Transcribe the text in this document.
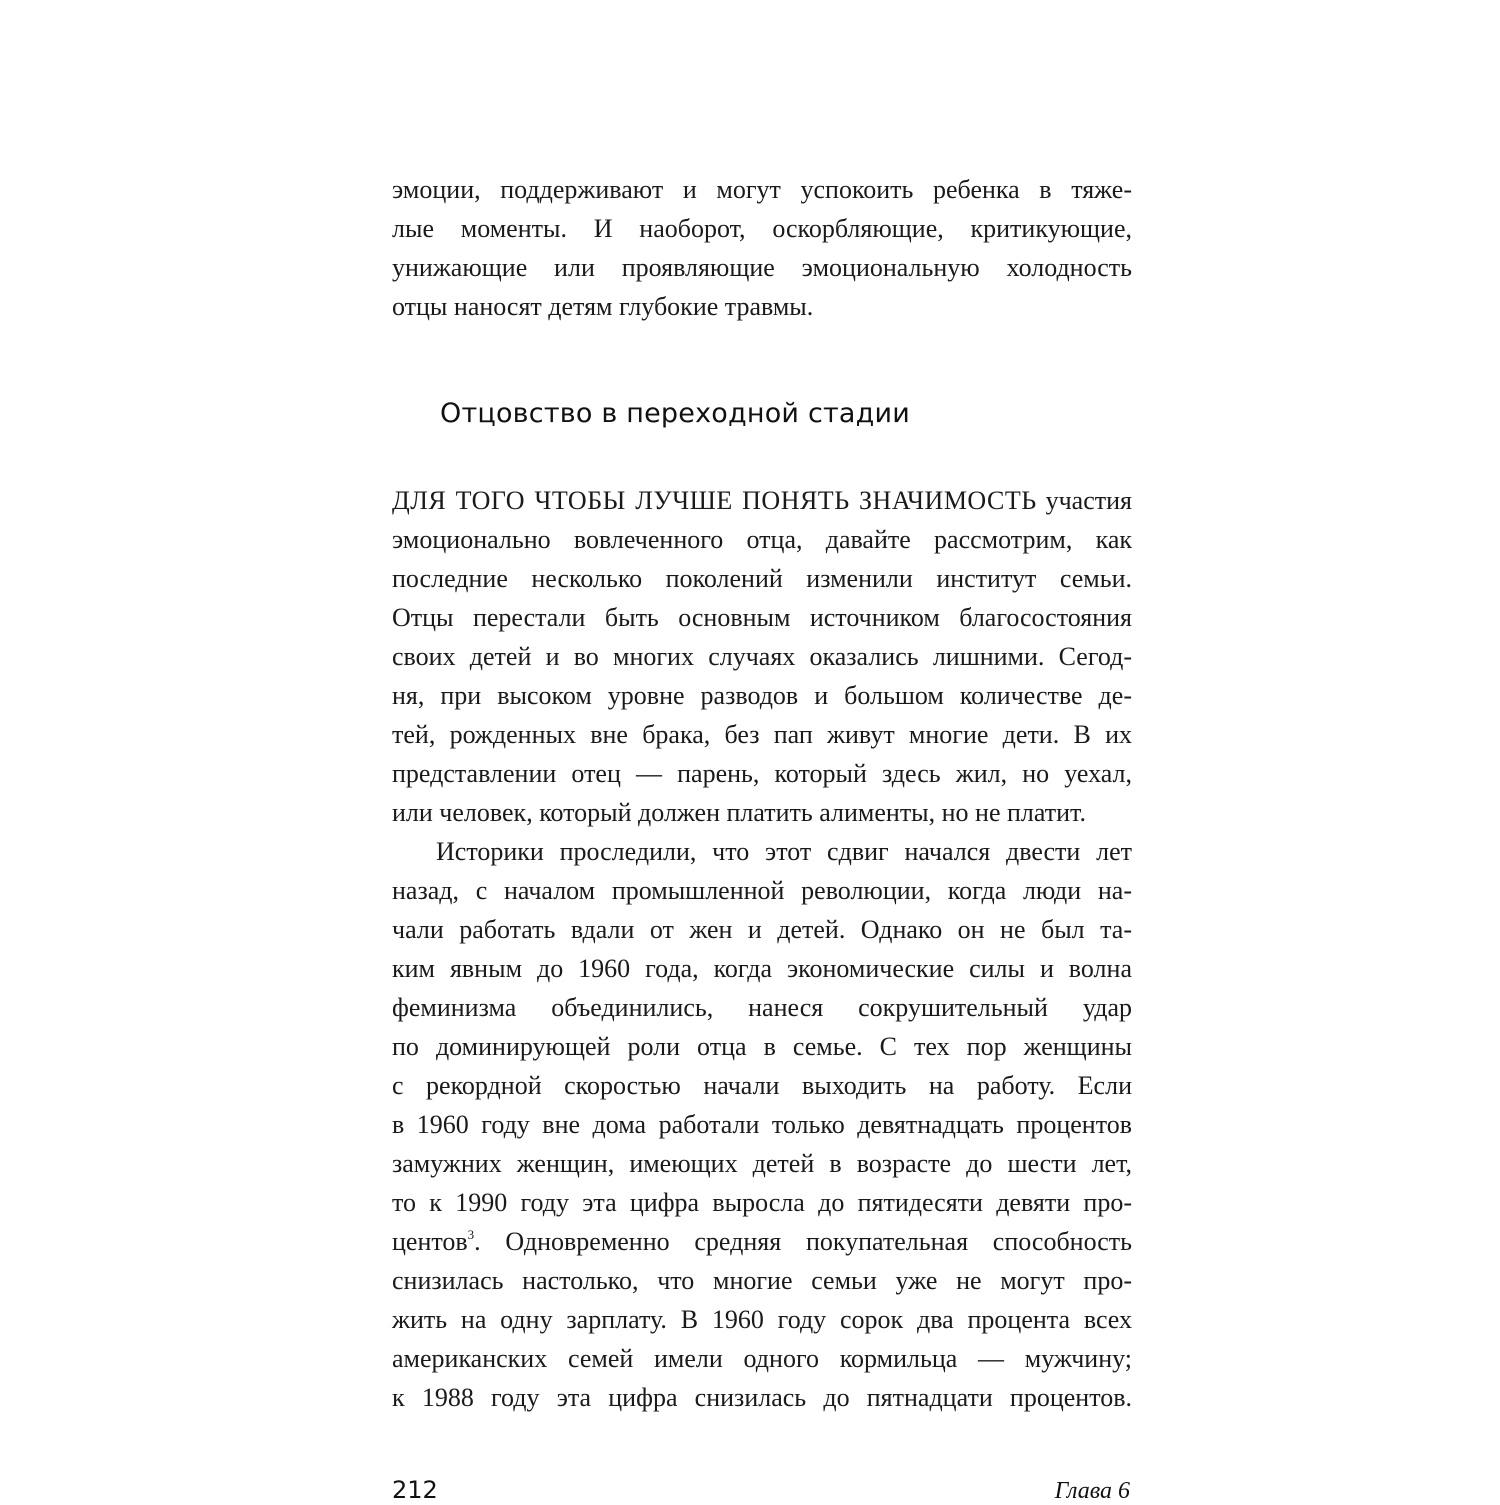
эмоции, поддерживают и могут успокоить ребенка в тяже-
лые моменты. И наоборот, оскорбляющие, критикующие,
унижающие или проявляющие эмоциональную холодность
отцы наносят детям глубокие травмы.
Отцовство в переходной стадии
ДЛЯ ТОГО ЧТОБЫ ЛУЧШЕ ПОНЯТЬ ЗНАЧИМОСТЬ участия
эмоционально вовлеченного отца, давайте рассмотрим, как
последние несколько поколений изменили институт семьи.
Отцы перестали быть основным источником благосостояния
своих детей и во многих случаях оказались лишними. Сегод-
ня, при высоком уровне разводов и большом количестве де-
тей, рожденных вне брака, без пап живут многие дети. В их
представлении отец — парень, который здесь жил, но уехал,
или человек, который должен платить алименты, но не платит.
Историки проследили, что этот сдвиг начался двести лет
назад, с началом промышленной революции, когда люди на-
чали работать вдали от жен и детей. Однако он не был та-
ким явным до 1960 года, когда экономические силы и волна
феминизма объединились, нанеся сокрушительный удар
по доминирующей роли отца в семье. С тех пор женщины
с рекордной скоростью начали выходить на работу. Если
в 1960 году вне дома работали только девятнадцать процентов
замужних женщин, имеющих детей в возрасте до шести лет,
то к 1990 году эта цифра выросла до пятидесяти девяти про-
центов$^3$. Одновременно средняя покупательная способность
снизилась настолько, что многие семьи уже не могут про-
жить на одну зарплату. В 1960 году сорок два процента всех
американских семей имели одного кормильца — мужчину;
к 1988 году эта цифра снизилась до пятнадцати процентов.
212	Глава 6
